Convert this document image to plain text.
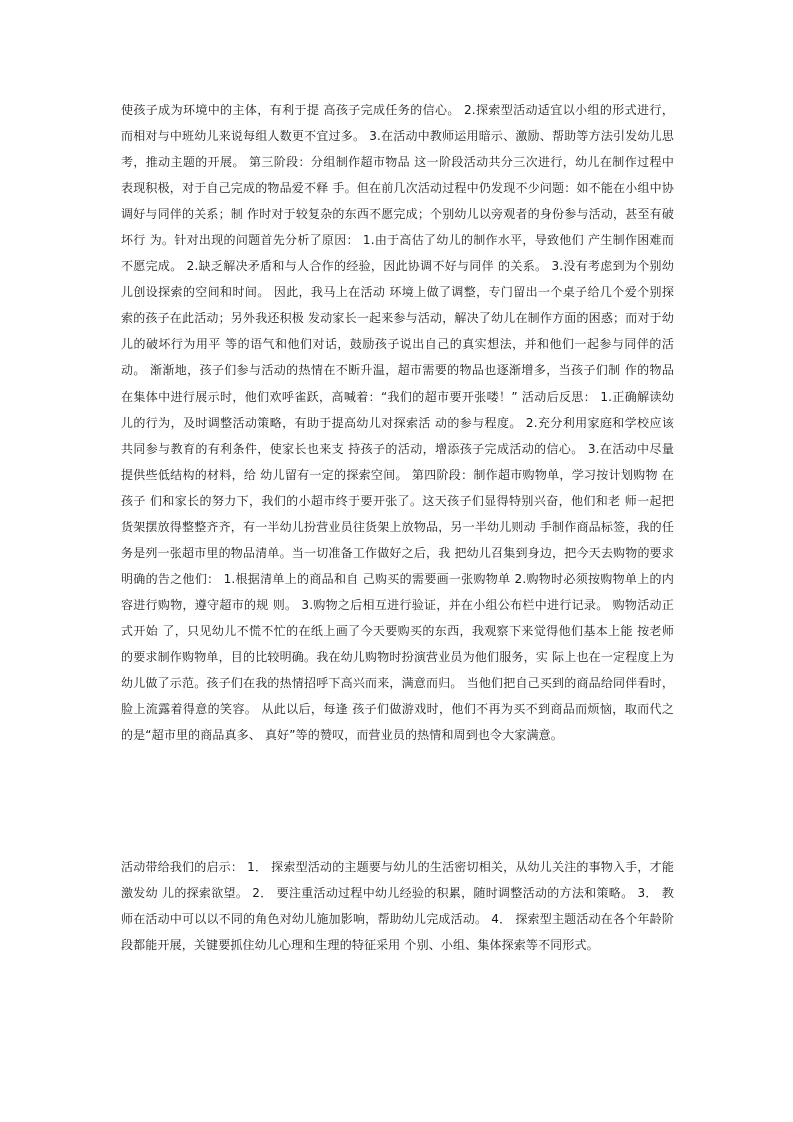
使孩子成为环境中的主体，有利于提 高孩子完成任务的信心。 2.探索型活动适宜以小组的形式进行，而相对与中班幼儿来说每组人数更不宜过多。 3.在活动中教师运用暗示、激励、帮助等方法引发幼儿思考，推动主题的开展。 第三阶段：分组制作超市物品 这一阶段活动共分三次进行，幼儿在制作过程中表现积极，对于自己完成的物品爱不释 手。但在前几次活动过程中仍发现不少问题：如不能在小组中协调好与同伴的关系；制 作时对于较复杂的东西不愿完成；个别幼儿以旁观者的身份参与活动，甚至有破坏行 为。针对出现的问题首先分析了原因： 1.由于高估了幼儿的制作水平，导致他们 产生制作困难而不愿完成。 2.缺乏解决矛盾和与人合作的经验，因此协调不好与同伴 的关系。 3.没有考虑到为个别幼儿创设探索的空间和时间。 因此，我马上在活动 环境上做了调整，专门留出一个桌子给几个爱个别探索的孩子在此活动；另外我还积极 发动家长一起来参与活动，解决了幼儿在制作方面的困惑；而对于幼儿的破坏行为用平 等的语气和他们对话，鼓励孩子说出自己的真实想法，并和他们一起参与同伴的活动。 渐渐地，孩子们参与活动的热情在不断升温，超市需要的物品也逐渐增多，当孩子们制 作的物品在集体中进行展示时，他们欢呼雀跃，高喊着：“我们的超市要开张喽！” 活动后反思： 1.正确解读幼儿的行为，及时调整活动策略，有助于提高幼儿对探索活 动的参与程度。 2.充分利用家庭和学校应该共同参与教育的有利条件，使家长也来支 持孩子的活动，增添孩子完成活动的信心。 3.在活动中尽量提供些低结构的材料，给 幼儿留有一定的探索空间。 第四阶段：制作超市购物单，学习按计划购物 在孩子 们和家长的努力下，我们的小超市终于要开张了。这天孩子们显得特别兴奋，他们和老 师一起把货架摆放得整整齐齐，有一半幼儿扮营业员往货架上放物品，另一半幼儿则动 手制作商品标签，我的任务是列一张超市里的物品清单。当一切准备工作做好之后，我 把幼儿召集到身边，把今天去购物的要求明确的告之他们： 1.根据清单上的商品和自 己购买的需要画一张购物单 2.购物时必须按购物单上的内容进行购物，遵守超市的规 则。 3.购物之后相互进行验证，并在小组公布栏中进行记录。 购物活动正式开始 了，只见幼儿不慌不忙的在纸上画了今天要购买的东西，我观察下来觉得他们基本上能 按老师的要求制作购物单，目的比较明确。我在幼儿购物时扮演营业员为他们服务，实 际上也在一定程度上为幼儿做了示范。孩子们在我的热情招呼下高兴而来，满意而归。 当他们把自己买到的商品给同伴看时，脸上流露着得意的笑容。 从此以后，每逢 孩子们做游戏时，他们不再为买不到商品而烦恼，取而代之的是“超市里的商品真多、 真好”等的赞叹，而营业员的热情和周到也令大家满意。

活动带给我们的启示： 1． 探索型活动的主题要与幼儿的生活密切相关，从幼儿关注的事物入手，才能激发幼 儿的探索欲望。 2． 要注重活动过程中幼儿经验的积累，随时调整活动的方法和策略。 3． 教师在活动中可以以不同的角色对幼儿施加影响，帮助幼儿完成活动。 4． 探索型主题活动在各个年龄阶段都能开展，关键要抓住幼儿心理和生理的特征采用 个别、小组、集体探索等不同形式。
